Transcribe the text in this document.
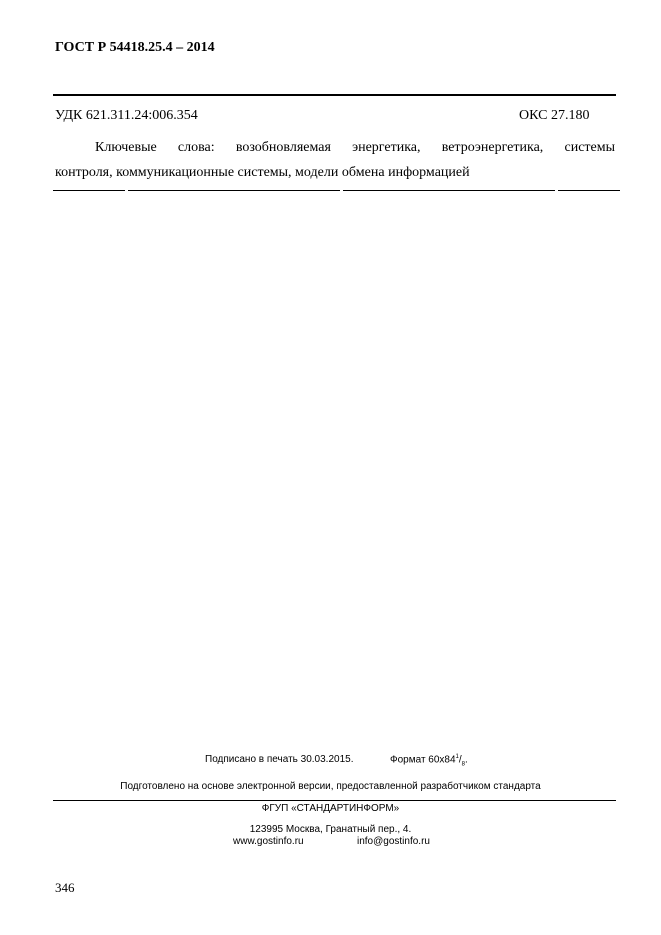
ГОСТ Р 54418.25.4 – 2014
УДК 621.311.24:006.354	ОКС 27.180
Ключевые слова: возобновляемая энергетика, ветроэнергетика, системы
контроля, коммуникационные системы, модели обмена информацией
Подписано в печать 30.03.2015.	Формат $60x84^1/_8$.
Подготовлено на основе электронной версии, предоставленной разработчиком стандарта
ФГУП «СТАНДАРТИНФОРМ»
123995 Москва, Гранатный пер., 4.
www.gostinfo.ru	info@gostinfo.ru
346
